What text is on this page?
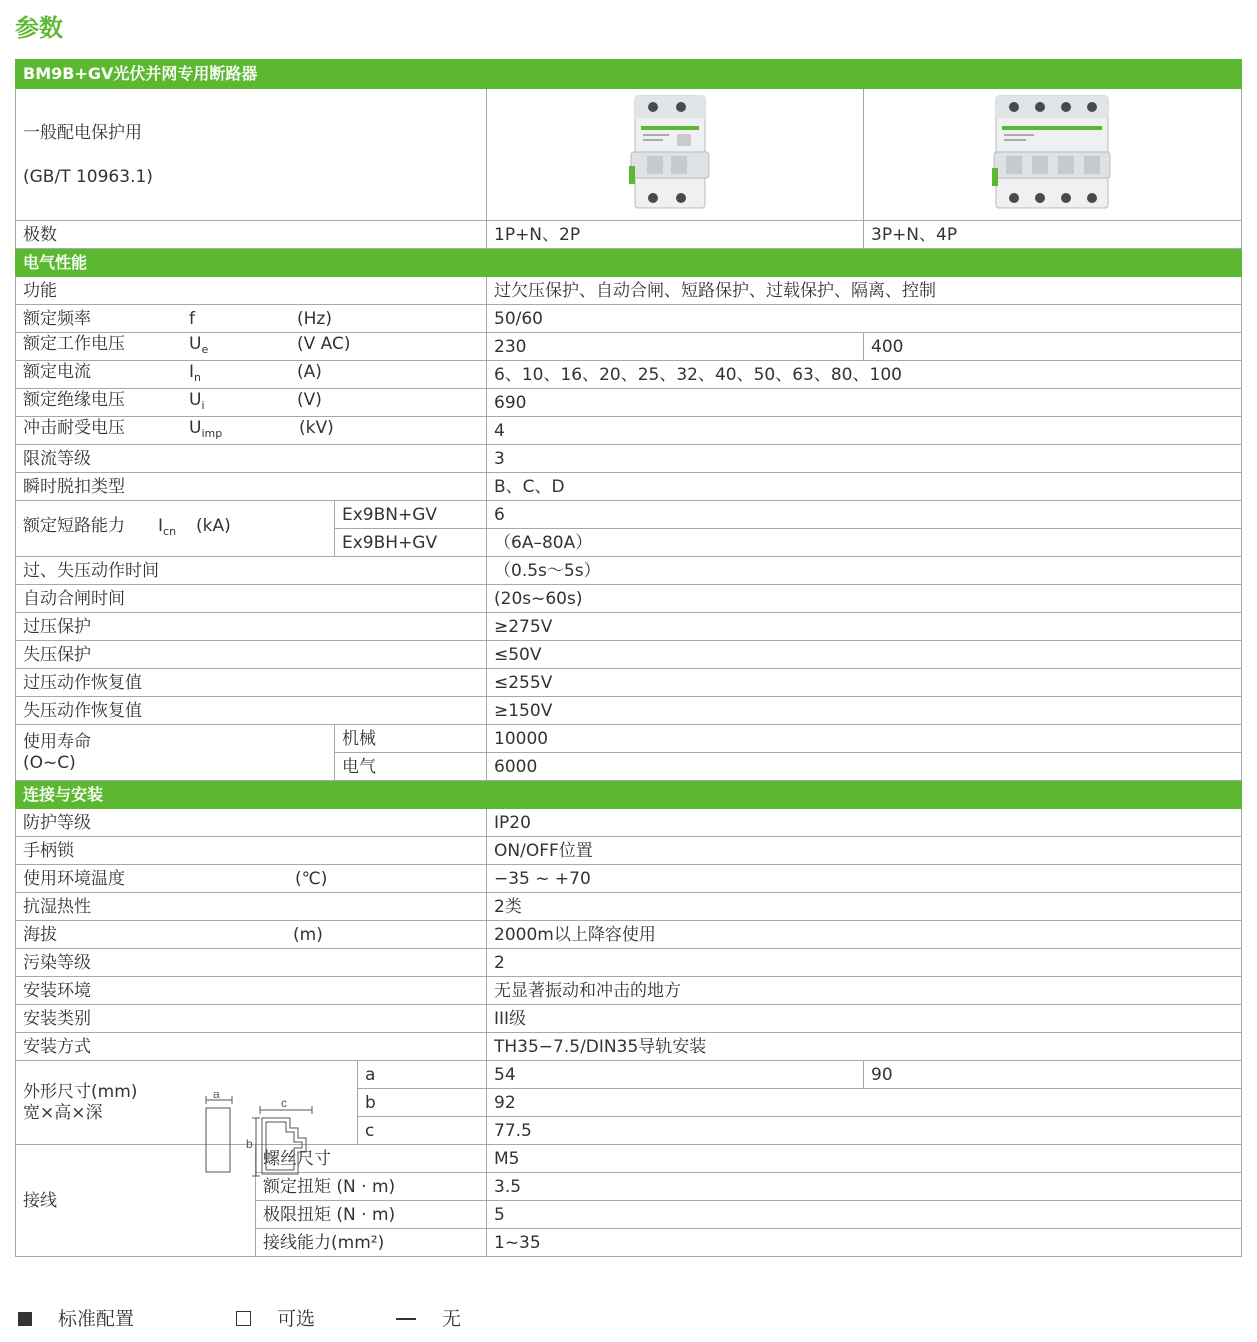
参数
BM9B+GV光伏并网专用断路器					

一般配电保护用
(GB/T 10963.1)

极数				1P+N、2P	3P+N、4P
电气性能					
功能				过欠压保护、自动合闸、短路保护、过载保护、隔离、控制	
额定频率 f (Hz)				50/60	
额定工作电压 $U_e$ (V AC)				230	400
额定电流 $I_n$ (A)				6、10、16、20、25、32、40、50、63、80、100	
额定绝缘电压 $U_i$ (V)				690	
冲击耐受电压 $U_{imp}$ (kV)				4	
限流等级				3	
瞬时脱扣类型				B、C、D	
额定短路能力 $I_{cn}$ (kA)		Ex9BN+GV		6	
		Ex9BH+GV		（6A–80A）	
过、失压动作时间				（0.5s～5s）	
自动合闸时间				(20s~60s)	
过压保护				≥275V	
失压保护				≤50V	
过压动作恢复值				≤255V	
失压动作恢复值				≥150V	

使用寿命
(O~C)		机械		10000	
		电气		6000	
连接与安装					
防护等级				IP20	
手柄锁				ON/OFF位置	
使用环境温度 (℃)				−35 ~ +70	
抗湿热性				2类	
海拔 (m)				2000m以上降容使用	
污染等级				2	
安装环境				无显著振动和冲击的地方	
安装类别				III级	
安装方式				TH35−7.5/DIN35导轨安装	

外形尺寸(mm)
宽×高×深			a	54	90
			b	92	
			c	77.5	
接线	螺丝尺寸			M5	
	额定扭矩 (N · m)			3.5	
	极限扭矩 (N · m)			5	
	接线能力(mm²)			1~35	
a
c
b
标准配置	可选	无
